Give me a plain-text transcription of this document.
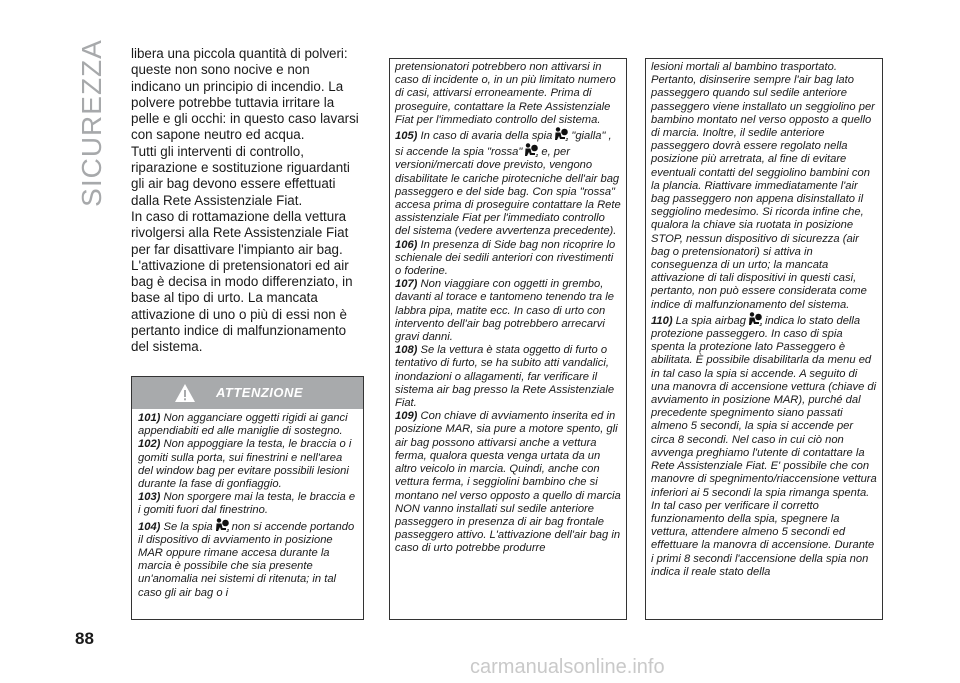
SICUREZZA libera una piccola quantità di polveri: queste non sono nocive e non indicano un principio di incendio. La polvere potrebbe tuttavia irritare la pelle e gli occhi: in questo caso lavarsi con sapone neutro ed acqua.

Tutti gli interventi di controllo, riparazione e sostituzione riguardanti gli air bag devono essere effettuati dalla Rete Assistenziale Fiat.

In caso di rottamazione della vettura rivolgersi alla Rete Assistenziale Fiat per far disattivare l'impianto air bag. L'attivazione di pretensionatori ed air bag è decisa in modo differenziato, in base al tipo di urto. La mancata attivazione di uno o più di essi non è pertanto indice di malfunzionamento del sistema.

ATTENZIONE

101) Non agganciare oggetti rigidi ai ganci appendiabiti ed alle maniglie di sostegno.

102) Non appoggiare la testa, le braccia o i gomiti sulla porta, sui finestrini e nell'area del window bag per evitare possibili lesioni durante la fase di gonfiaggio.

103) Non sporgere mai la testa, le braccia e i gomiti fuori dal finestrino.

104) Se la spia non si accende portando il dispositivo di avviamento in posizione MAR oppure rimane accesa durante la marcia è possibile che sia presente un'anomalia nei sistemi di ritenuta; in tal caso gli air bag o i

pretensionatori potrebbero non attivarsi in caso di incidente o, in un più limitato numero di casi, attivarsi erroneamente. Prima di proseguire, contattare la Rete Assistenziale Fiat per l'immediato controllo del sistema.

105) In caso di avaria della spia "gialla" , si accende la spia "rossa" e, per versioni/mercati dove previsto, vengono disabilitate le cariche pirotecniche dell'air bag passeggero e del side bag. Con spia "rossa" accesa prima di proseguire contattare la Rete assistenziale Fiat per l'immediato controllo del sistema (vedere avvertenza precedente).

106) In presenza di Side bag non ricoprire lo schienale dei sedili anteriori con rivestimenti o foderine.

107) Non viaggiare con oggetti in grembo, davanti al torace e tantomeno tenendo tra le labbra pipa, matite ecc. In caso di urto con intervento dell'air bag potrebbero arrecarvi gravi danni.

108) Se la vettura è stata oggetto di furto o tentativo di furto, se ha subito atti vandalici, inondazioni o allagamenti, far verificare il sistema air bag presso la Rete Assistenziale Fiat.

109) Con chiave di avviamento inserita ed in posizione MAR, sia pure a motore spento, gli air bag possono attivarsi anche a vettura ferma, qualora questa venga urtata da un altro veicolo in marcia. Quindi, anche con vettura ferma, i seggiolini bambino che si montano nel verso opposto a quello di marcia NON vanno installati sul sedile anteriore passeggero in presenza di air bag frontale passeggero attivo. L'attivazione dell'air bag in caso di urto potrebbe produrre

lesioni mortali al bambino trasportato. Pertanto, disinserire sempre l'air bag lato passeggero quando sul sedile anteriore passeggero viene installato un seggiolino per bambino montato nel verso opposto a quello di marcia. Inoltre, il sedile anteriore passeggero dovrà essere regolato nella posizione più arretrata, al fine di evitare eventuali contatti del seggiolino bambini con la plancia. Riattivare immediatamente l'air bag passeggero non appena disinstallato il seggiolino medesimo. Si ricorda infine che, qualora la chiave sia ruotata in posizione STOP, nessun dispositivo di sicurezza (air bag o pretensionatori) si attiva in conseguenza di un urto; la mancata attivazione di tali dispositivi in questi casi, pertanto, non può essere considerata come indice di malfunzionamento del sistema.

110) La spia airbag indica lo stato della protezione passeggero. In caso di spia spenta la protezione lato Passeggero è abilitata. È possibile disabilitarla da menu ed in tal caso la spia si accende. A seguito di una manovra di accensione vettura (chiave di avviamento in posizione MAR), purché dal precedente spegnimento siano passati almeno 5 secondi, la spia si accende per circa 8 secondi. Nel caso in cui ciò non avvenga preghiamo l'utente di contattare la Rete Assistenziale Fiat. E' possibile che con manovre di spegnimento/riaccensione vettura inferiori ai 5 secondi la spia rimanga spenta. In tal caso per verificare il corretto funzionamento della spia, spegnere la vettura, attendere almeno 5 secondi ed effettuare la manovra di accensione. Durante i primi 8 secondi l'accensione della spia non indica il reale stato della

88
carmanualsonline.info
